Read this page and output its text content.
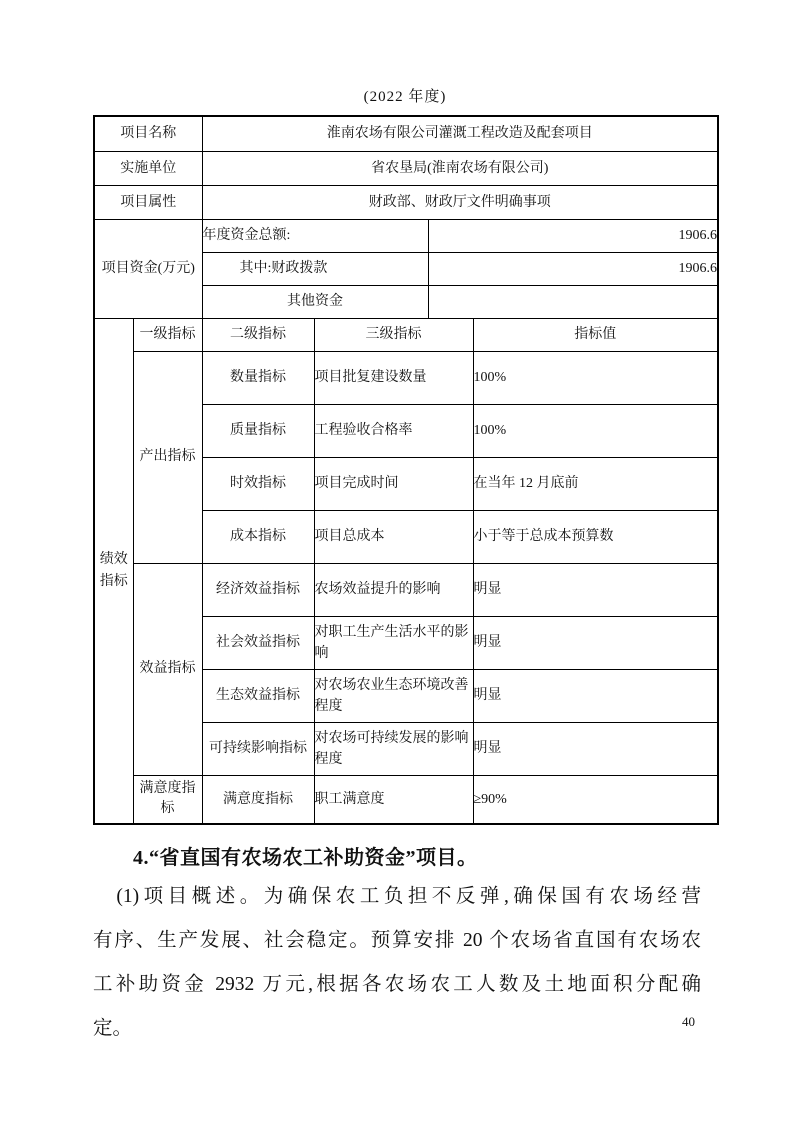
(2022 年度)
项目名称		淮南农场有限公司灌溉工程改造及配套项目			
实施单位		省农垦局(淮南农场有限公司)			
项目属性		财政部、财政厅文件明确事项			
项目资金(万元)		年度资金总额:		1906.6	
		其中:财政拨款		1906.6	
		其他资金			
绩效指标	一级指标	二级指标	三级指标		指标值
	产出指标	数量指标	项目批复建设数量		100%
		质量指标	工程验收合格率		100%
		时效指标	项目完成时间		在当年 12 月底前
		成本指标	项目总成本		小于等于总成本预算数
	效益指标	经济效益指标	农场效益提升的影响		明显
		社会效益指标	对职工生产生活水平的影响		明显
		生态效益指标	对农场农业生态环境改善程度		明显
		可持续影响指标	对农场可持续发展的影响程度		明显
	满意度指标	满意度指标	职工满意度		≥90%
4.“省直国有农场农工补助资金”项目。
(1)项目概述。为确保农工负担不反弹,确保国有农场经营
有序、生产发展、社会稳定。预算安排 20 个农场省直国有农场农
工补助资金 2932 万元,根据各农场农工人数及土地面积分配确
定。	40
